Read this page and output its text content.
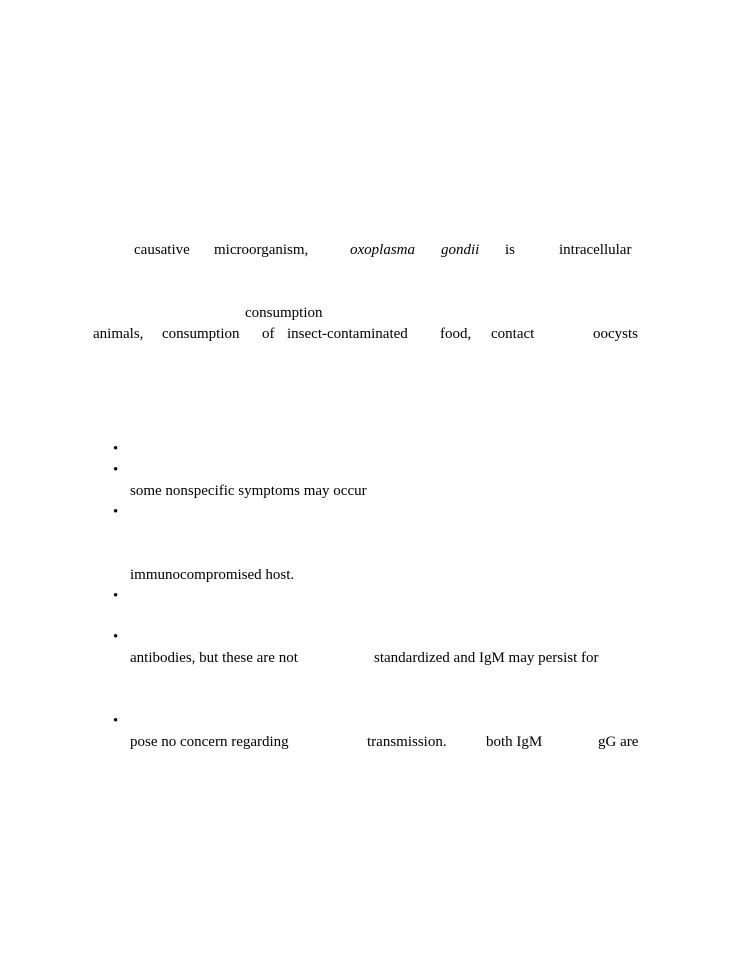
causative microorganism,	oxoplasma gondii is	intracellular
consumption
animals, consumption of insect-contaminated food, contact	oocysts
•
•
some nonspecific symptoms may occur
•
immunocompromised host.
•
•
antibodies, but these are not	standardized and IgM may persist for
•
pose no concern regarding	transmission.	both IgM	gG are
